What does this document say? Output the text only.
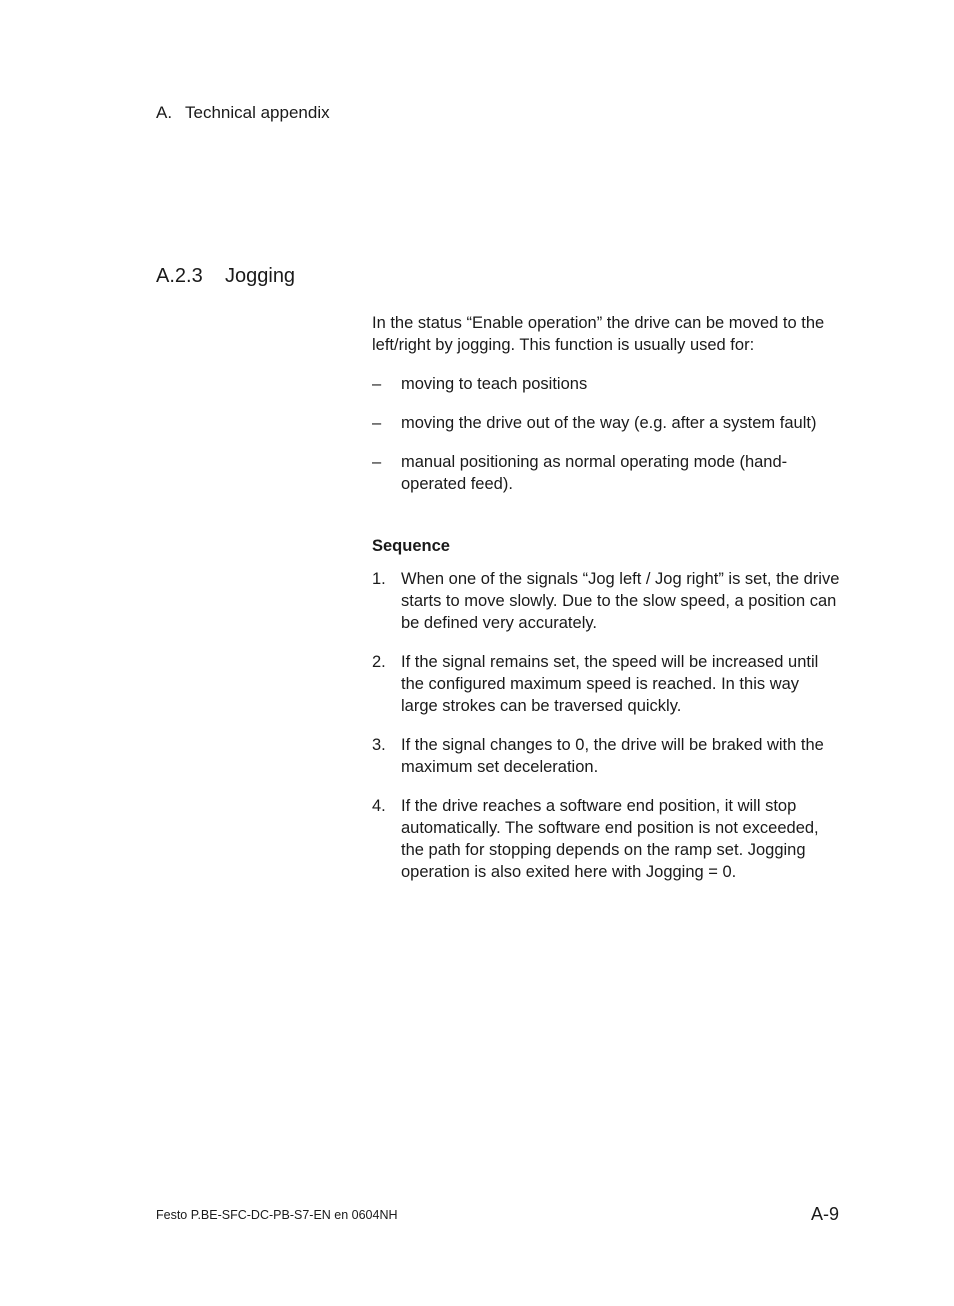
A. Technical appendix
A.2.3 Jogging

In the status “Enable operation” the drive can be moved to the left/right by jogging. This function is usually used for:

–	moving to teach positions
–	moving the drive out of the way (e.g. after a system fault)
–	manual positioning as normal operating mode (hand-operated feed).

Sequence

1. When one of the signals “Jog left / Jog right” is set, the drive starts to move slowly. Due to the slow speed, a position can be defined very accurately.
2. If the signal remains set, the speed will be increased until the configured maximum speed is reached. In this way large strokes can be traversed quickly.
3. If the signal changes to 0, the drive will be braked with the maximum set deceleration.
4. If the drive reaches a software end position, it will stop automatically. The software end position is not exceeded, the path for stopping depends on the ramp set. Jogging operation is also exited here with Jogging = 0.
Festo P.BE-SFC-DC-PB-S7-EN en 0604NH	A-9
